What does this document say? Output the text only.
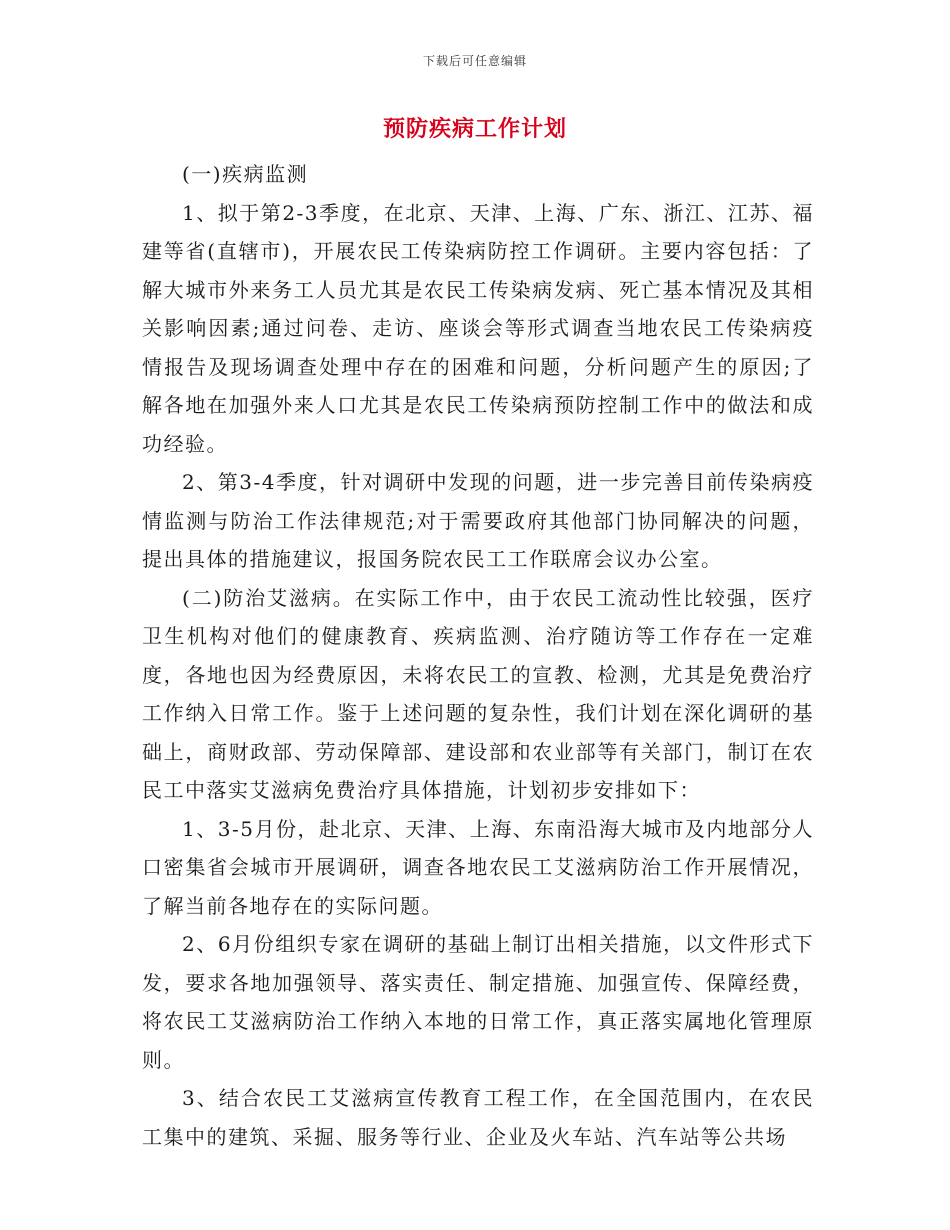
下载后可任意编辑
预防疾病工作计划

(一)疾病监测

1、拟于第2-3季度，在北京、天津、上海、广东、浙江、江苏、福建等省(直辖市)，开展农民工传染病防控工作调研。主要内容包括：了解大城市外来务工人员尤其是农民工传染病发病、死亡基本情况及其相关影响因素;通过问卷、走访、座谈会等形式调查当地农民工传染病疫情报告及现场调查处理中存在的困难和问题，分析问题产生的原因;了解各地在加强外来人口尤其是农民工传染病预防控制工作中的做法和成功经验。

2、第3-4季度，针对调研中发现的问题，进一步完善目前传染病疫情监测与防治工作法律规范;对于需要政府其他部门协同解决的问题，提出具体的措施建议，报国务院农民工工作联席会议办公室。

(二)防治艾滋病。在实际工作中，由于农民工流动性比较强，医疗卫生机构对他们的健康教育、疾病监测、治疗随访等工作存在一定难度，各地也因为经费原因，未将农民工的宣教、检测，尤其是免费治疗工作纳入日常工作。鉴于上述问题的复杂性，我们计划在深化调研的基础上，商财政部、劳动保障部、建设部和农业部等有关部门，制订在农民工中落实艾滋病免费治疗具体措施，计划初步安排如下：

1、3-5月份，赴北京、天津、上海、东南沿海大城市及内地部分人口密集省会城市开展调研，调查各地农民工艾滋病防治工作开展情况，了解当前各地存在的实际问题。

2、6月份组织专家在调研的基础上制订出相关措施，以文件形式下发，要求各地加强领导、落实责任、制定措施、加强宣传、保障经费，将农民工艾滋病防治工作纳入本地的日常工作，真正落实属地化管理原则。

3、结合农民工艾滋病宣传教育工程工作，在全国范围内，在农民工集中的建筑、采掘、服务等行业、企业及火车站、汽车站等公共场
